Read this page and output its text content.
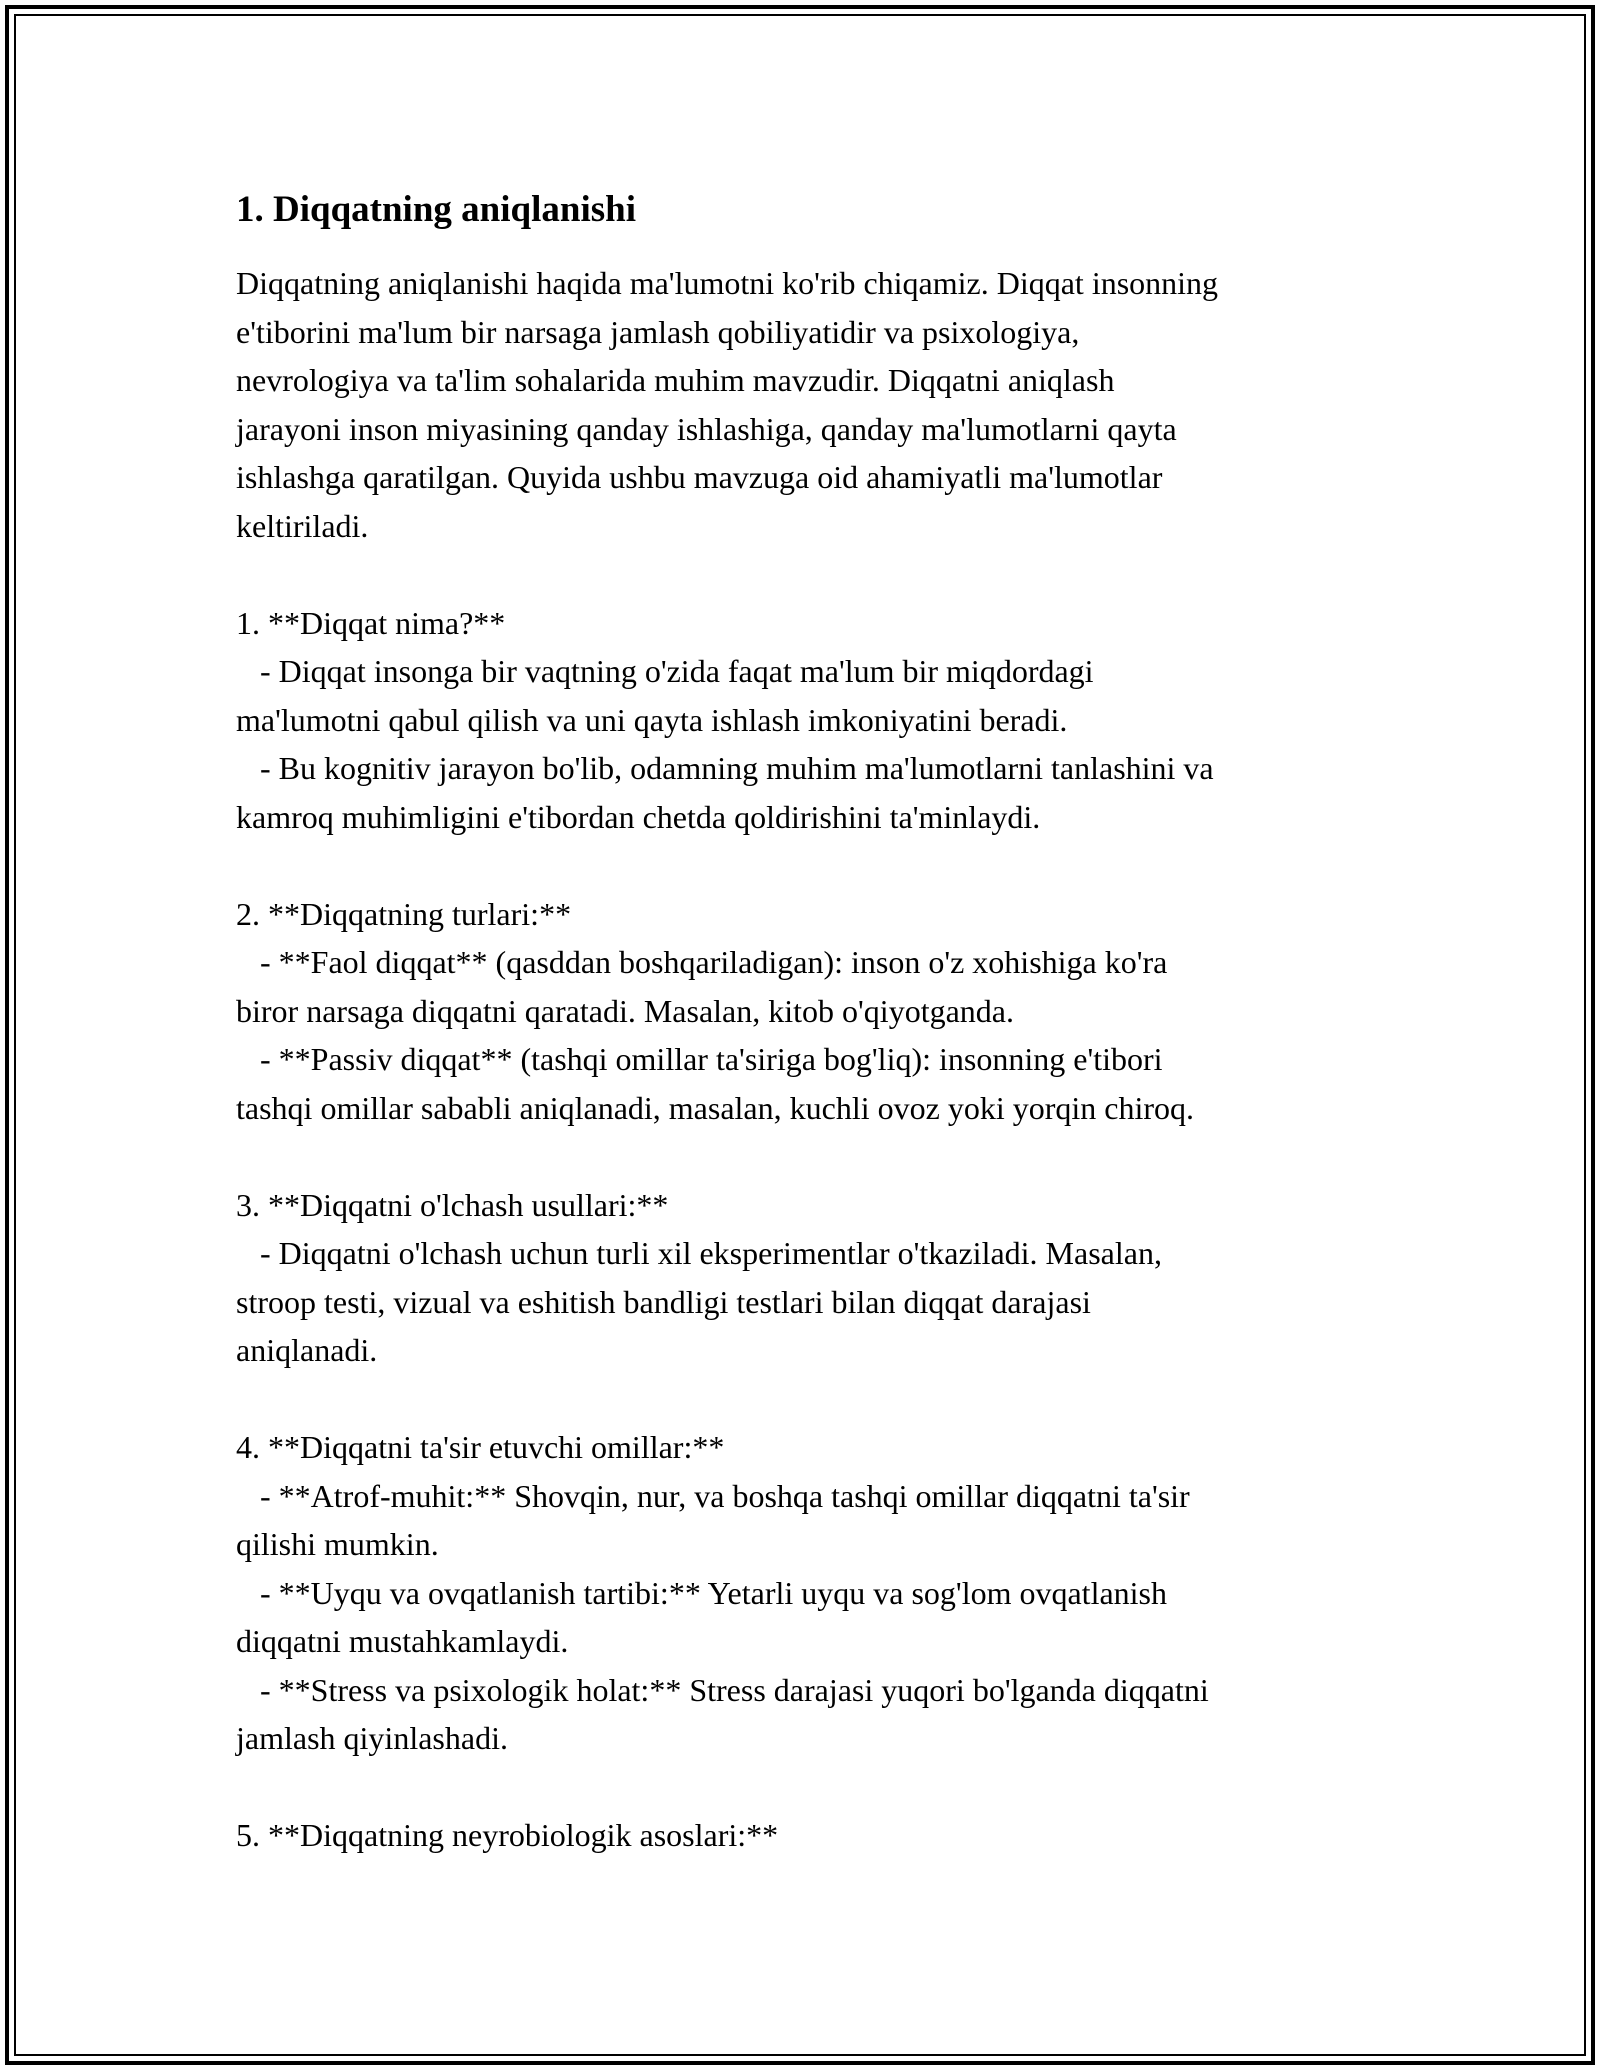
1. Diqqatning aniqlanishi
Diqqatning aniqlanishi haqida ma'lumotni ko'rib chiqamiz. Diqqat insonning
e'tiborini ma'lum bir narsaga jamlash qobiliyatidir va psixologiya,
nevrologiya va ta'lim sohalarida muhim mavzudir. Diqqatni aniqlash
jarayoni inson miyasining qanday ishlashiga, qanday ma'lumotlarni qayta
ishlashga qaratilgan. Quyida ushbu mavzuga oid ahamiyatli ma'lumotlar
keltiriladi.
1. **Diqqat nima?**
- Diqqat insonga bir vaqtning o'zida faqat ma'lum bir miqdordagi
ma'lumotni qabul qilish va uni qayta ishlash imkoniyatini beradi.
- Bu kognitiv jarayon bo'lib, odamning muhim ma'lumotlarni tanlashini va
kamroq muhimligini e'tibordan chetda qoldirishini ta'minlaydi.
2. **Diqqatning turlari:**
- **Faol diqqat** (qasddan boshqariladigan): inson o'z xohishiga ko'ra
biror narsaga diqqatni qaratadi. Masalan, kitob o'qiyotganda.
- **Passiv diqqat** (tashqi omillar ta'siriga bog'liq): insonning e'tibori
tashqi omillar sababli aniqlanadi, masalan, kuchli ovoz yoki yorqin chiroq.
3. **Diqqatni o'lchash usullari:**
- Diqqatni o'lchash uchun turli xil eksperimentlar o'tkaziladi. Masalan,
stroop testi, vizual va eshitish bandligi testlari bilan diqqat darajasi
aniqlanadi.
4. **Diqqatni ta'sir etuvchi omillar:**
- **Atrof-muhit:** Shovqin, nur, va boshqa tashqi omillar diqqatni ta'sir
qilishi mumkin.
- **Uyqu va ovqatlanish tartibi:** Yetarli uyqu va sog'lom ovqatlanish
diqqatni mustahkamlaydi.
- **Stress va psixologik holat:** Stress darajasi yuqori bo'lganda diqqatni
jamlash qiyinlashadi.
5. **Diqqatning neyrobiologik asoslari:**
